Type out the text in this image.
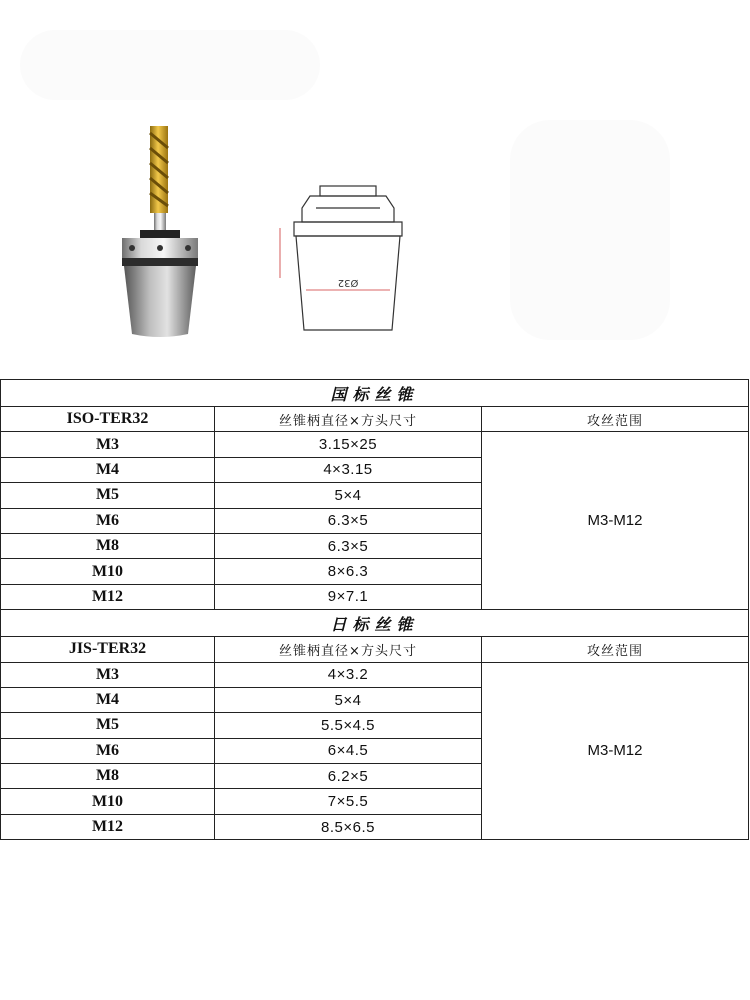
Ø32
国标丝锥		
ISO-TER32	丝锥柄直径×方头尺寸	攻丝范围
M3	3.15×25	M3-M12
M4	4×3.15	
M5	5×4	
M6	6.3×5	
M8	6.3×5	
M10	8×6.3	
M12	9×7.1	
日标丝锥		
JIS-TER32	丝锥柄直径×方头尺寸	攻丝范围
M3	4×3.2	M3-M12
M4	5×4	
M5	5.5×4.5	
M6	6×4.5	
M8	6.2×5	
M10	7×5.5	
M12	8.5×6.5	
